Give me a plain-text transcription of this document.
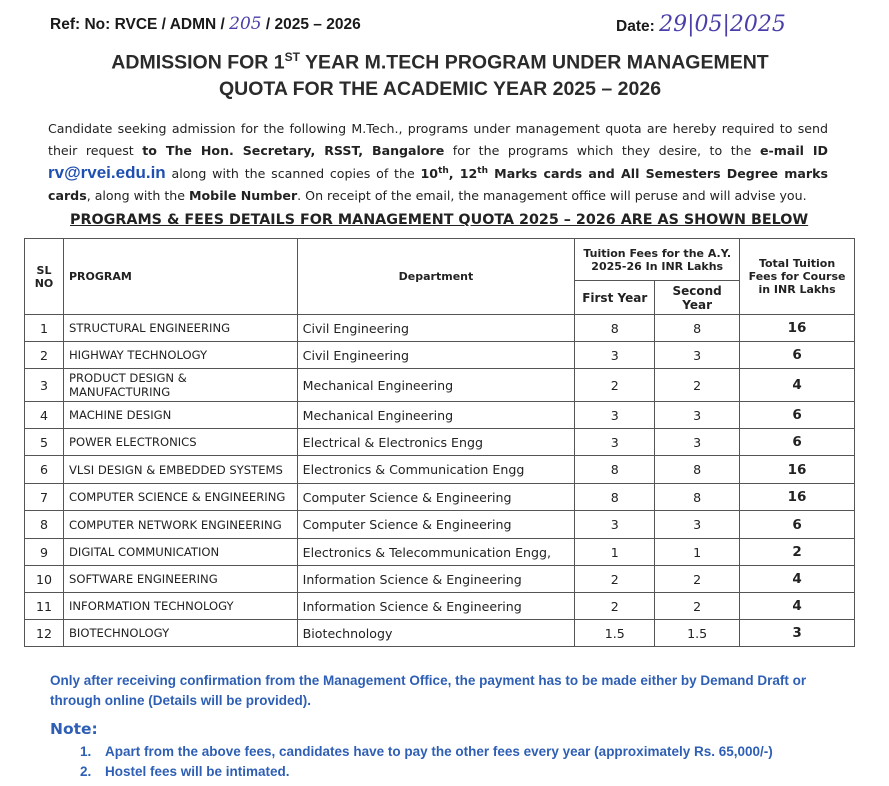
Ref: No: RVCE / ADMN / 205 / 2025 – 2026	Date: 29|05|2025
ADMISSION FOR 1ST YEAR M.TECH PROGRAM UNDER MANAGEMENT
QUOTA FOR THE ACADEMIC YEAR 2025 – 2026
Candidate seeking admission for the following M.Tech., programs under management quota are hereby required to send their request to The Hon. Secretary, RSST, Bangalore for the programs which they desire, to the e-mail ID rv@rvei.edu.in along with the scanned copies of the 10th, 12th Marks cards and All Semesters Degree marks cards, along with the Mobile Number. On receipt of the email, the management office will peruse and will advise you.
PROGRAMS & FEES DETAILS FOR MANAGEMENT QUOTA 2025 – 2026 ARE AS SHOWN BELOW
SL NO	PROGRAM	Department	Tuition Fees for the A.Y. 2025-26 In INR Lakhs		Total Tuition Fees for Course in INR Lakhs
			First Year	Second Year	
1	STRUCTURAL ENGINEERING	Civil Engineering	8	8	16
2	HIGHWAY TECHNOLOGY	Civil Engineering	3	3	6
3	PRODUCT DESIGN & MANUFACTURING	Mechanical Engineering	2	2	4
4	MACHINE DESIGN	Mechanical Engineering	3	3	6
5	POWER ELECTRONICS	Electrical & Electronics Engg	3	3	6
6	VLSI DESIGN & EMBEDDED SYSTEMS	Electronics & Communication Engg	8	8	16
7	COMPUTER SCIENCE & ENGINEERING	Computer Science & Engineering	8	8	16
8	COMPUTER NETWORK ENGINEERING	Computer Science & Engineering	3	3	6
9	DIGITAL COMMUNICATION	Electronics & Telecommunication Engg,	1	1	2
10	SOFTWARE ENGINEERING	Information Science & Engineering	2	2	4
11	INFORMATION TECHNOLOGY	Information Science & Engineering	2	2	4
12	BIOTECHNOLOGY	Biotechnology	1.5	1.5	3
Only after receiving confirmation from the Management Office, the payment has to be made either by Demand Draft or through online (Details will be provided).
Note:
1. Apart from the above fees, candidates have to pay the other fees every year (approximately Rs. 65,000/-)
2. Hostel fees will be intimated.
